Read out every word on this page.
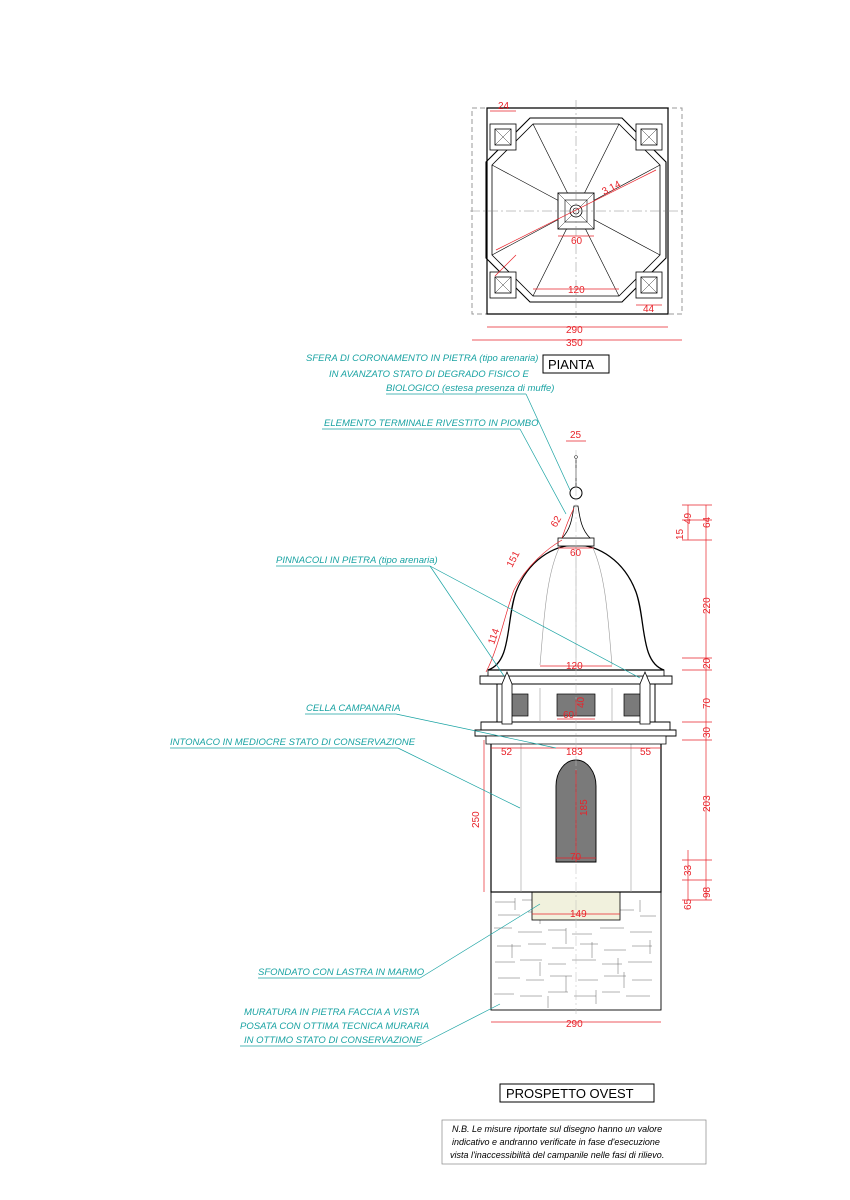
24
3.14
60
120
44
290
350
PIANTA
25
60
62
151
114
120
60
40
52	183	55
185
70
149
290
250
15
49 64
220
20
70
30
203
65
33
98
PROSPETTO OVEST
SFERA DI CORONAMENTO IN PIETRA (tipo arenaria)
IN AVANZATO STATO DI DEGRADO FISICO E
BIOLOGICO (estesa presenza di muffe)
ELEMENTO TERMINALE RIVESTITO IN PIOMBO
PINNACOLI IN PIETRA (tipo arenaria)
CELLA CAMPANARIA
INTONACO IN MEDIOCRE STATO DI CONSERVAZIONE
SFONDATO CON LASTRA IN MARMO
MURATURA IN PIETRA FACCIA A VISTA
POSATA CON OTTIMA TECNICA MURARIA
IN OTTIMO STATO DI CONSERVAZIONE
N.B. Le misure riportate sul disegno hanno un valore
indicativo e andranno verificate in fase d'esecuzione
vista l'inaccessibilità del campanile nelle fasi di rilievo.
